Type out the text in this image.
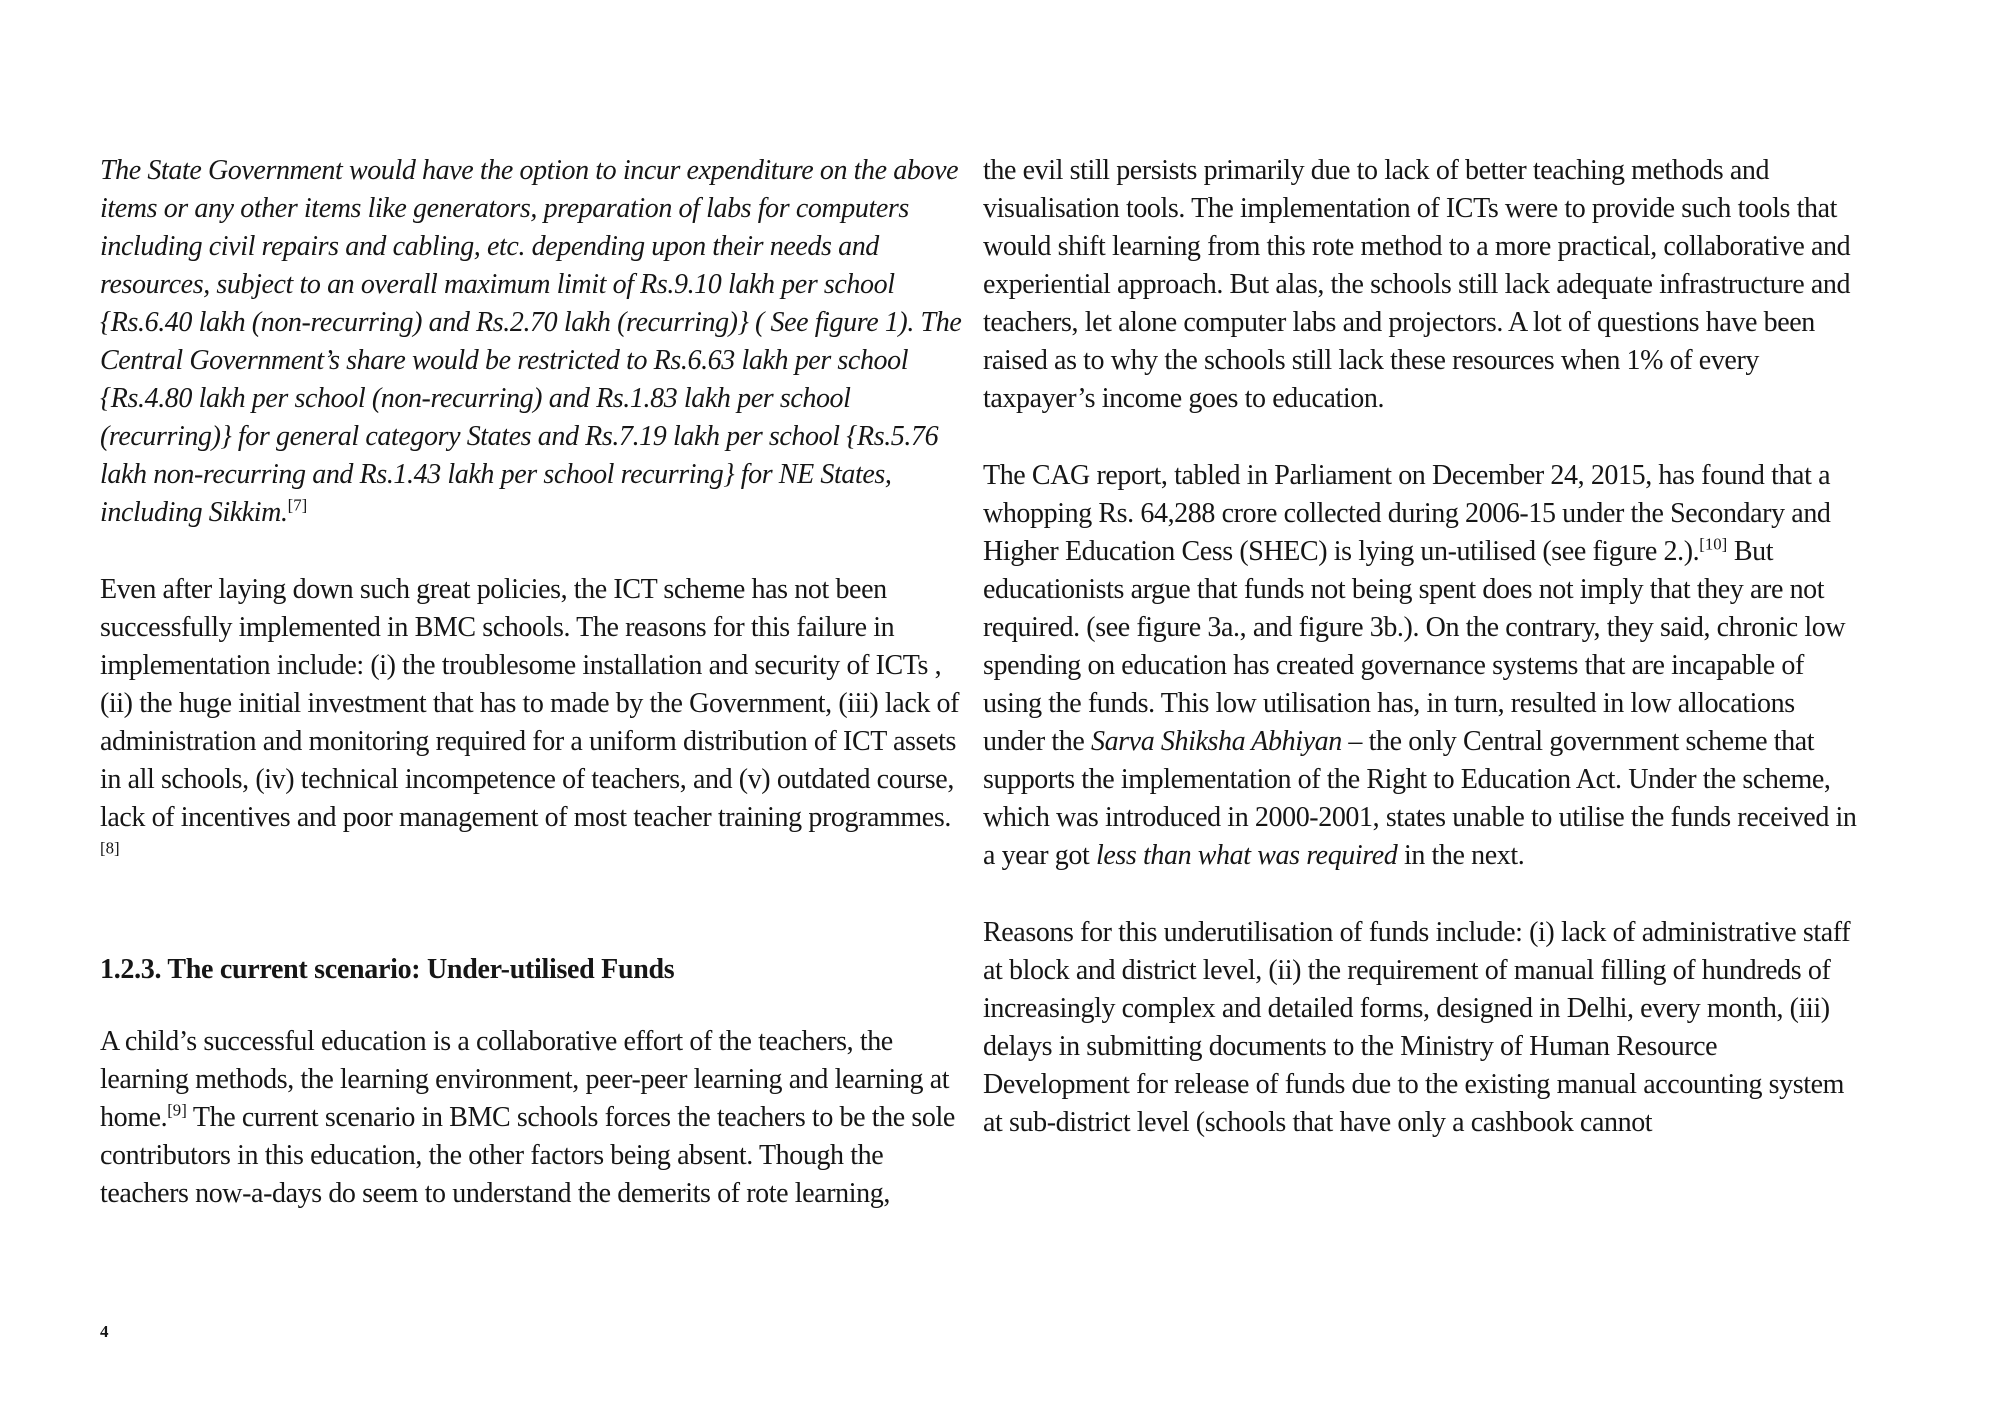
The State Government would have the option to incur expenditure on the above items or any other items like generators, preparation of labs for computers including civil repairs and cabling, etc. depending upon their needs and resources, subject to an overall maximum limit of Rs.9.10 lakh per school {Rs.6.40 lakh (non-recurring) and Rs.2.70 lakh (recurring)} ( See figure 1). The Central Government’s share would be restricted to Rs.6.63 lakh per school {Rs.4.80 lakh per school (non-recurring) and Rs.1.83 lakh per school (recurring)} for general category States and Rs.7.19 lakh per school {Rs.5.76 lakh non-recurring and Rs.1.43 lakh per school recurring} for NE States, including Sikkim.[7]

Even after laying down such great policies, the ICT scheme has not been successfully implemented in BMC schools. The reasons for this failure in implementation include: (i) the troublesome installation and security of ICTs , (ii) the huge initial investment that has to made by the Government, (iii) lack of administration and monitoring required for a uniform distribution of ICT assets in all schools, (iv) technical incompetence of teachers, and (v) outdated course, lack of incentives and poor management of most teacher training programmes.[8]

1.2.3. The current scenario: Under-utilised Funds

A child’s successful education is a collaborative effort of the teachers, the learning methods, the learning environment, peer-peer learning and learning at home.[9] The current scenario in BMC schools forces the teachers to be the sole contributors in this education, the other factors being absent. Though the teachers now-a-days do seem to understand the demerits of rote learning,

the evil still persists primarily due to lack of better teaching methods and visualisation tools. The implementation of ICTs were to provide such tools that would shift learning from this rote method to a more practical, collaborative and experiential approach. But alas, the schools still lack adequate infrastructure and teachers, let alone computer labs and projectors. A lot of questions have been raised as to why the schools still lack these resources when 1% of every taxpayer’s income goes to education.

The CAG report, tabled in Parliament on December 24, 2015, has found that a whopping Rs. 64,288 crore collected during 2006-15 under the Secondary and Higher Education Cess (SHEC) is lying un-utilised (see figure 2.).[10] But educationists argue that funds not being spent does not imply that they are not required. (see figure 3a., and figure 3b.). On the contrary, they said, chronic low spending on education has created governance systems that are incapable of using the funds. This low utilisation has, in turn, resulted in low allocations under the Sarva Shiksha Abhiyan – the only Central government scheme that supports the implementation of the Right to Education Act. Under the scheme, which was introduced in 2000-2001, states unable to utilise the funds received in a year got less than what was required in the next.

Reasons for this underutilisation of funds include: (i) lack of administrative staff at block and district level, (ii) the requirement of manual filling of hundreds of increasingly complex and detailed forms, designed in Delhi, every month, (iii) delays in submitting documents to the Ministry of Human Resource Development for release of funds due to the existing manual accounting system at sub-district level (schools that have only a cashbook cannot

4
